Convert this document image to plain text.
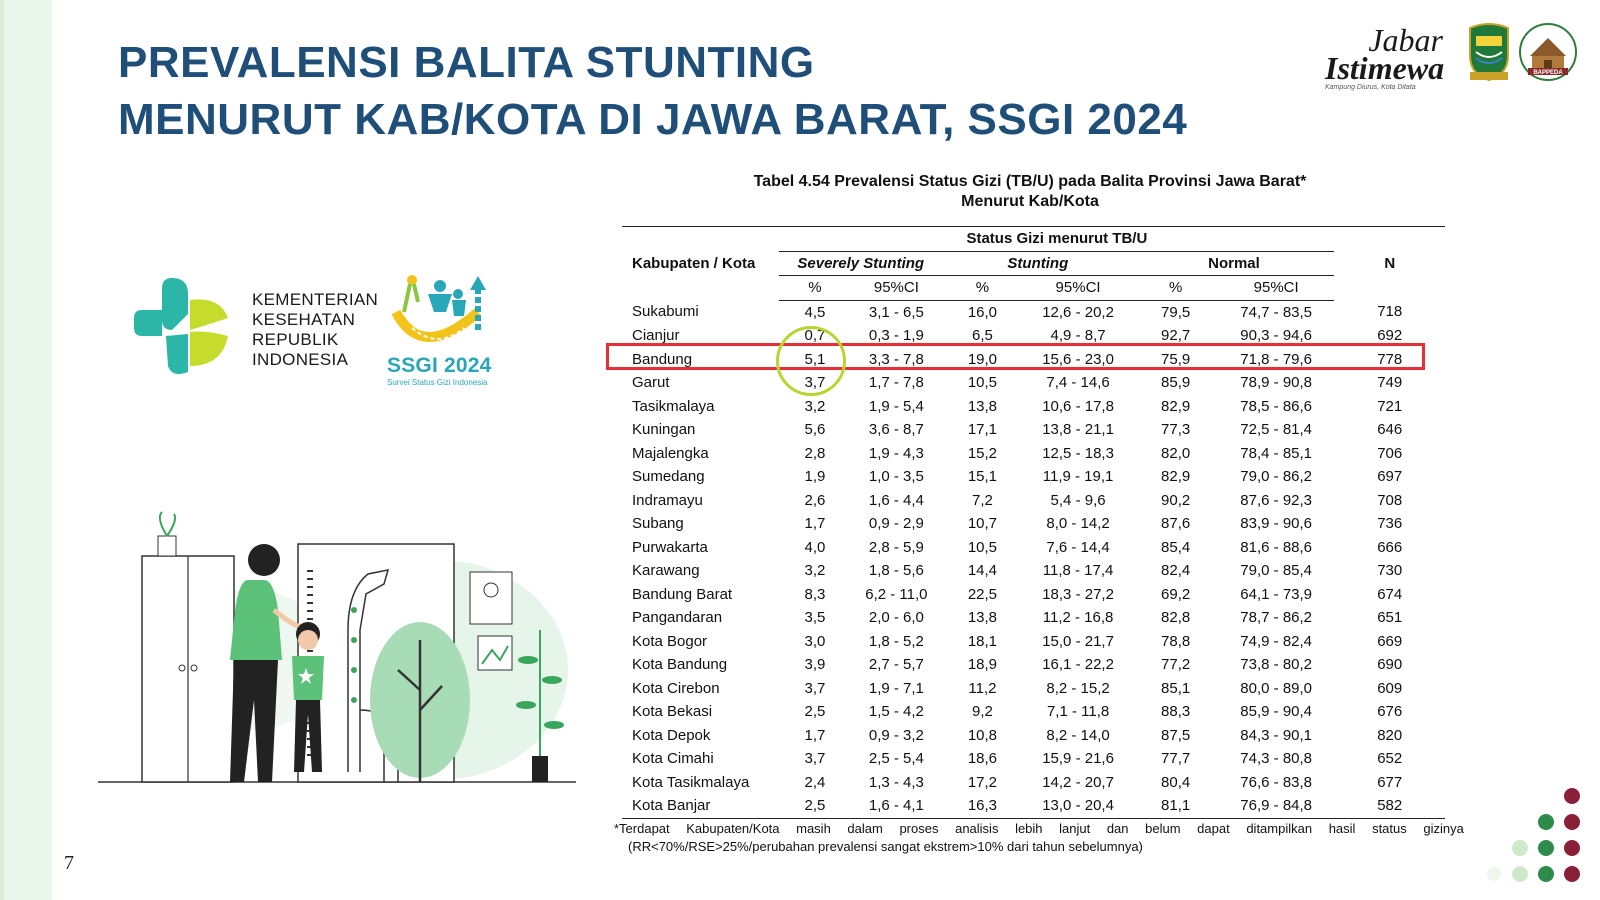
7
PREVALENSI BALITA STUNTING
MENURUT KAB/KOTA DI JAWA BARAT, SSGI 2024
Jabar
Istimewa
Kampung Diurus, Kota Ditata
BAPPEDA
KEMENTERIAN
KESEHATAN
REPUBLIK
INDONESIA	SSGI 2024
Survei Status Gizi Indonesia
Tabel 4.54 Prevalensi Status Gizi (TB/U) pada Balita Provinsi Jawa Barat*
Menurut Kab/Kota
Kabupaten / Kota	Status Gizi menurut TB/U						N
	Severely Stunting		Stunting		Normal		
	%	95%CI	%	95%CI	%	95%CI	
Sukabumi	4,5	3,1 - 6,5	16,0	12,6 - 20,2	79,5	74,7 - 83,5	718
Cianjur	0,7	0,3 - 1,9	6,5	4,9 - 8,7	92,7	90,3 - 94,6	692
Bandung	5,1	3,3 - 7,8	19,0	15,6 - 23,0	75,9	71,8 - 79,6	778
Garut	3,7	1,7 - 7,8	10,5	7,4 - 14,6	85,9	78,9 - 90,8	749
Tasikmalaya	3,2	1,9 - 5,4	13,8	10,6 - 17,8	82,9	78,5 - 86,6	721
Kuningan	5,6	3,6 - 8,7	17,1	13,8 - 21,1	77,3	72,5 - 81,4	646
Majalengka	2,8	1,9 - 4,3	15,2	12,5 - 18,3	82,0	78,4 - 85,1	706
Sumedang	1,9	1,0 - 3,5	15,1	11,9 - 19,1	82,9	79,0 - 86,2	697
Indramayu	2,6	1,6 - 4,4	7,2	5,4 - 9,6	90,2	87,6 - 92,3	708
Subang	1,7	0,9 - 2,9	10,7	8,0 - 14,2	87,6	83,9 - 90,6	736
Purwakarta	4,0	2,8 - 5,9	10,5	7,6 - 14,4	85,4	81,6 - 88,6	666
Karawang	3,2	1,8 - 5,6	14,4	11,8 - 17,4	82,4	79,0 - 85,4	730
Bandung Barat	8,3	6,2 - 11,0	22,5	18,3 - 27,2	69,2	64,1 - 73,9	674
Pangandaran	3,5	2,0 - 6,0	13,8	11,2 - 16,8	82,8	78,7 - 86,2	651
Kota Bogor	3,0	1,8 - 5,2	18,1	15,0 - 21,7	78,8	74,9 - 82,4	669
Kota Bandung	3,9	2,7 - 5,7	18,9	16,1 - 22,2	77,2	73,8 - 80,2	690
Kota Cirebon	3,7	1,9 - 7,1	11,2	8,2 - 15,2	85,1	80,0 - 89,0	609
Kota Bekasi	2,5	1,5 - 4,2	9,2	7,1 - 11,8	88,3	85,9 - 90,4	676
Kota Depok	1,7	0,9 - 3,2	10,8	8,2 - 14,0	87,5	84,3 - 90,1	820
Kota Cimahi	3,7	2,5 - 5,4	18,6	15,9 - 21,6	77,7	74,3 - 80,8	652
Kota Tasikmalaya	2,4	1,3 - 4,3	17,2	14,2 - 20,7	80,4	76,6 - 83,8	677
Kota Banjar	2,5	1,6 - 4,1	16,3	13,0 - 20,4	81,1	76,9 - 84,8	582
*Terdapat Kabupaten/Kota masih dalam proses analisis lebih lanjut dan belum dapat ditampilkan hasil status gizinya
(RR<70%/RSE>25%/perubahan prevalensi sangat ekstrem>10% dari tahun sebelumnya)
